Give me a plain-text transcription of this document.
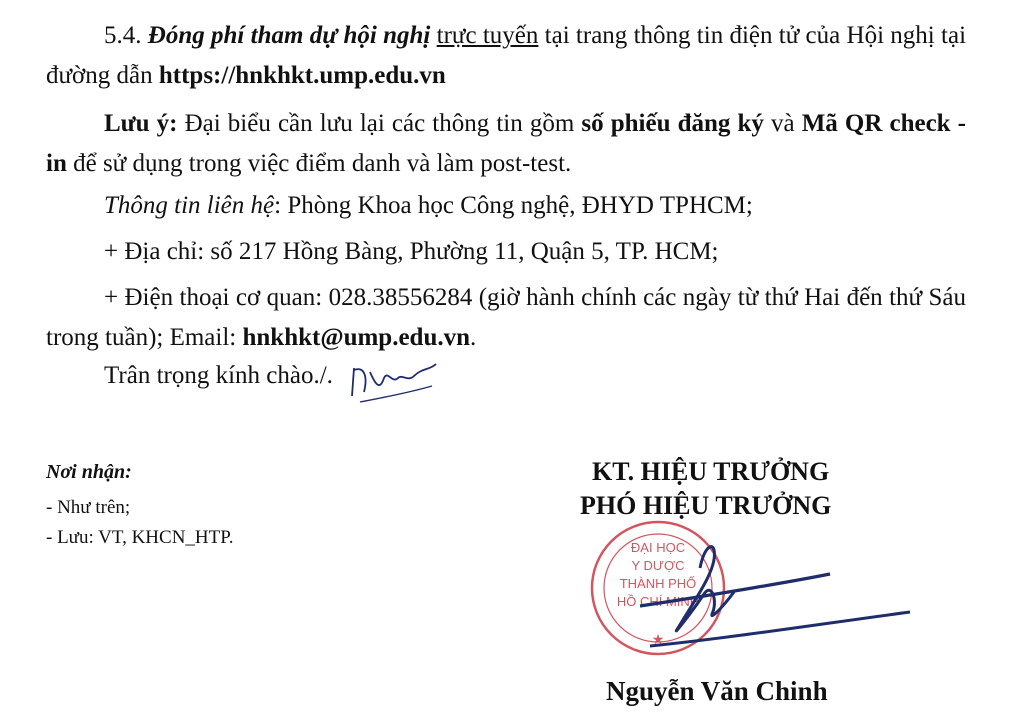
5.4. Đóng phí tham dự hội nghị trực tuyến tại trang thông tin điện tử của Hội nghị tại đường dẫn https://hnkhkt.ump.edu.vn
Lưu ý: Đại biểu cần lưu lại các thông tin gồm số phiếu đăng ký và Mã QR check - in để sử dụng trong việc điểm danh và làm post-test.
Thông tin liên hệ: Phòng Khoa học Công nghệ, ĐHYD TPHCM;
+ Địa chỉ: số 217 Hồng Bàng, Phường 11, Quận 5, TP. HCM;
+ Điện thoại cơ quan: 028.38556284 (giờ hành chính các ngày từ thứ Hai đến thứ Sáu trong tuần); Email: hnkhkt@ump.edu.vn.
Trân trọng kính chào./.
Nơi nhận:
- Như trên;
- Lưu: VT, KHCN_HTP.
KT. HIỆU TRƯỞNG
ĐẠI HỌC
Y DƯỢC
THÀNH PHỐ
HỒ CHÍ MINH
★
PHÓ HIỆU TRƯỞNG
Nguyễn Văn Chinh
